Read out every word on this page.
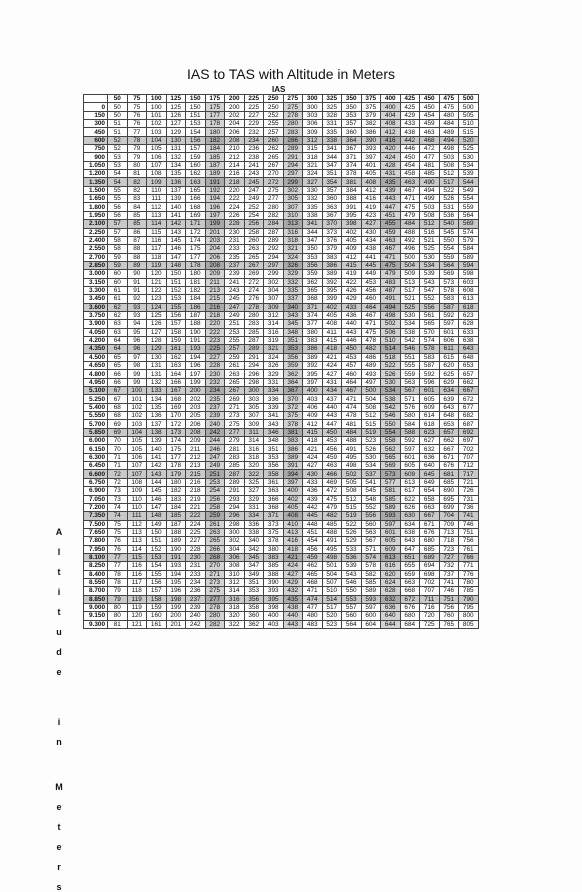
IAS to TAS with Altitude in Meters
IAS
A
l
t
i
t
u
d
e
i
n
M
e
t
e
r
s
	50	75	100	125	150	175	200	225	250	275	300	325	350	375	400	425	450	475	500
0	50	75	100	125	150	175	200	225	250	275	300	325	350	375	400	425	450	475	500
150	50	76	101	126	151	177	202	227	252	278	303	328	353	379	404	429	454	480	505
300	51	76	102	127	153	178	204	229	255	280	306	331	357	382	408	433	459	484	510
450	51	77	103	129	154	180	206	232	257	283	309	335	360	386	412	438	463	489	515
600	52	78	104	130	156	182	208	234	260	286	312	338	364	390	416	442	468	494	520
750	52	79	105	131	157	184	210	236	262	289	315	341	367	393	420	446	472	498	525
900	53	79	106	132	159	185	212	238	265	291	318	344	371	397	424	450	477	503	530
1.050	53	80	107	134	160	187	214	241	267	294	321	347	374	401	428	454	481	508	534
1.200	54	81	108	135	162	189	216	243	270	297	324	351	378	405	431	458	485	512	539
1.350	54	82	109	136	163	191	218	245	272	299	327	354	381	408	435	463	490	517	544
1.500	55	82	110	137	165	192	220	247	275	302	330	357	384	412	439	467	494	522	549
1.650	55	83	111	139	166	194	222	249	277	305	332	360	388	416	443	471	499	526	554
1.800	56	84	112	140	168	196	224	252	280	307	335	363	391	419	447	475	503	531	559
1.950	56	85	113	141	169	197	226	254	282	310	338	367	395	423	451	479	508	536	564
2.100	57	85	114	142	171	199	228	256	284	313	341	370	398	427	455	484	512	540	569
2.250	57	86	115	143	172	201	230	258	287	316	344	373	402	430	459	488	516	545	574
2.400	58	87	116	145	174	203	231	260	289	318	347	376	405	434	463	492	521	550	579
2.550	58	88	117	146	175	204	233	263	292	321	350	379	409	438	467	496	525	554	584
2.700	59	88	118	147	177	206	235	265	294	324	353	383	412	441	471	500	530	559	589
2.850	59	89	119	148	178	208	237	267	297	326	356	386	415	445	475	504	534	564	594
3.000	60	90	120	150	180	209	239	269	299	329	359	389	419	449	479	509	539	569	598
3.150	60	91	121	151	181	211	241	272	302	332	362	392	422	453	483	513	543	573	603
3.300	61	91	122	152	182	213	243	274	304	335	365	395	426	456	487	517	547	578	608
3.450	61	92	123	153	184	215	245	276	307	337	368	399	429	460	491	521	552	583	613
3.600	62	93	124	155	186	216	247	278	309	340	371	402	433	464	494	525	556	587	618
3.750	62	93	125	156	187	218	249	280	312	343	374	405	436	467	498	530	561	592	623
3.900	63	94	126	157	188	220	251	283	314	345	377	408	440	471	502	534	565	597	628
4.050	63	95	127	158	190	222	253	285	316	348	380	411	443	475	506	538	570	601	633
4.200	64	96	128	159	191	223	255	287	319	351	383	415	446	478	510	542	574	606	638
4.350	64	96	129	161	193	225	257	289	321	353	386	418	450	482	514	546	578	611	643
4.500	65	97	130	162	194	227	259	291	324	356	389	421	453	486	518	551	583	615	648
4.650	65	98	131	163	196	228	261	294	326	359	392	424	457	489	522	555	587	620	653
4.800	66	99	131	164	197	230	263	296	329	362	395	427	460	493	526	559	592	625	657
4.950	66	99	132	166	199	232	265	298	331	364	397	431	464	497	530	563	596	629	662
5.100	67	100	133	167	200	234	267	300	334	367	400	434	467	500	534	567	601	634	667
5.250	67	101	134	168	202	235	269	303	336	370	403	437	471	504	538	571	605	639	672
5.400	68	102	135	169	203	237	271	305	339	372	406	440	474	508	542	576	609	643	677
5.550	68	102	136	170	205	239	273	307	341	375	409	443	478	512	546	580	614	648	682
5.700	69	103	137	172	206	240	275	309	343	378	412	447	481	515	550	584	618	653	687
5.850	69	104	138	173	208	242	277	311	346	381	415	450	484	519	554	588	623	657	692
6.000	70	105	139	174	209	244	279	314	348	383	418	453	488	523	558	592	627	662	697
6.150	70	105	140	175	211	246	281	316	351	386	421	456	491	526	562	597	632	667	702
6.300	71	106	141	177	212	247	283	318	353	389	424	459	495	530	565	601	636	671	707
6.450	71	107	142	178	213	249	285	320	356	391	427	463	498	534	569	605	640	676	712
6.600	72	107	143	179	215	251	287	322	358	394	430	466	502	537	573	609	645	681	717
6.750	72	108	144	180	216	253	289	325	361	397	433	469	505	541	577	613	649	685	721
6.900	73	109	145	182	218	254	291	327	363	400	436	472	508	545	581	617	654	690	726
7.050	73	110	146	183	219	256	293	329	366	402	439	475	512	548	585	622	658	695	731
7.200	74	110	147	184	221	258	294	331	368	405	442	479	515	552	589	626	663	699	736
7.350	74	111	148	185	222	259	296	334	371	408	445	482	519	556	593	630	667	704	741
7.500	75	112	149	187	224	261	298	336	373	410	448	485	522	560	597	634	671	709	746
7.650	75	113	150	188	225	263	300	338	375	413	451	488	526	563	601	638	676	713	751
7.800	76	113	151	189	227	265	302	340	378	416	454	491	529	567	605	643	680	718	756
7.950	76	114	152	190	228	266	304	342	380	418	456	495	533	571	609	647	685	723	761
8.100	77	115	153	191	230	268	306	345	383	421	459	498	536	574	613	651	689	727	766
8.250	77	116	154	193	231	270	308	347	385	424	462	501	539	578	616	655	694	732	771
8.400	78	116	155	194	233	271	310	349	388	427	465	504	543	582	620	659	698	737	776
8.550	78	117	156	195	234	273	312	351	390	429	468	507	546	585	624	663	702	741	780
8.700	79	118	157	196	236	275	314	353	393	432	471	510	550	589	628	668	707	746	785
8.850	79	119	158	198	237	277	316	356	395	435	474	514	553	593	632	672	711	751	790
9.000	80	119	159	199	239	278	318	358	398	438	477	517	557	597	636	676	716	756	795
9.150	80	120	160	200	240	280	320	360	400	440	480	520	560	600	640	680	720	760	800
9.300	81	121	161	201	242	282	322	362	403	443	483	523	564	604	644	684	725	765	805
